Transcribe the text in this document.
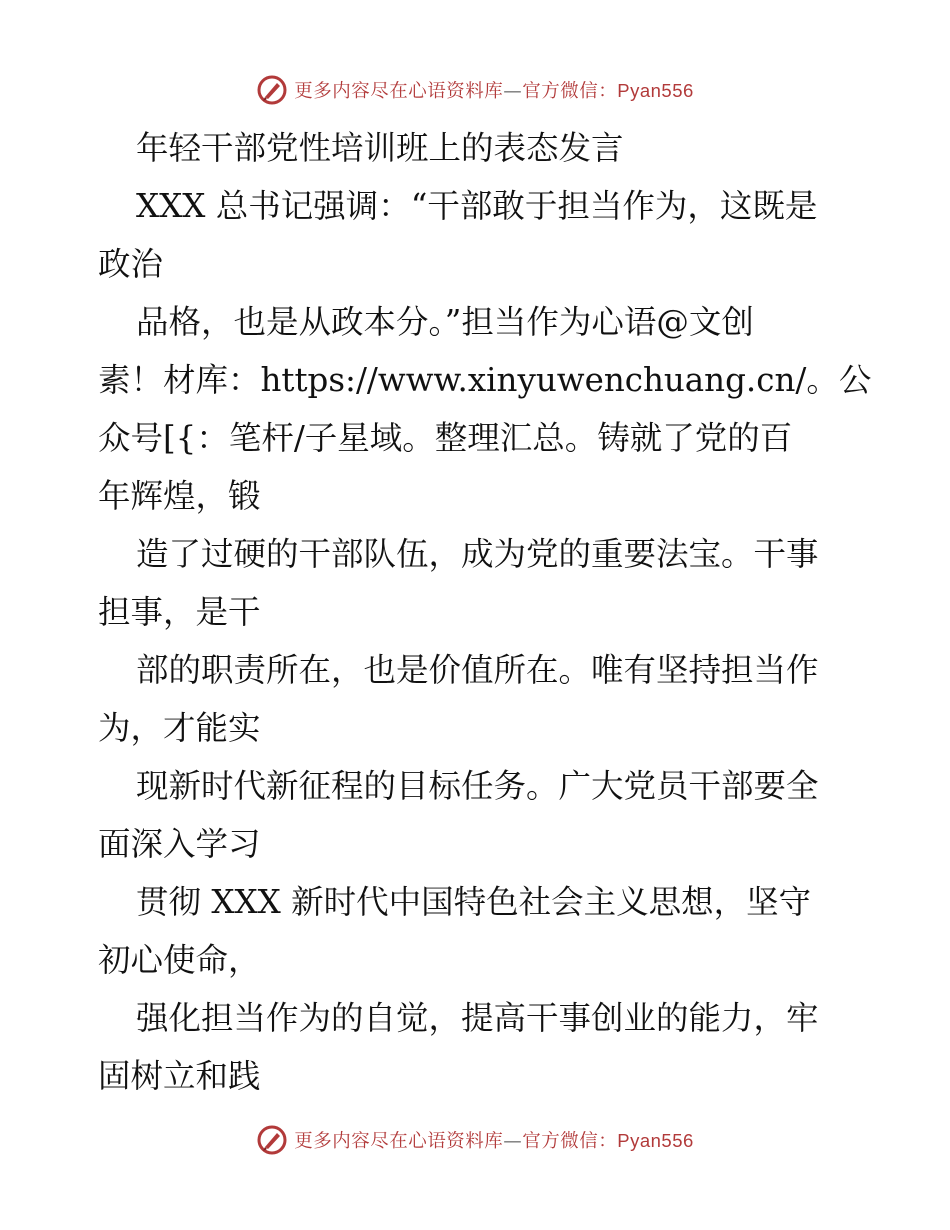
更多内容尽在心语资料库—官方微信：Pyan556
年轻干部党性培训班上的表态发言
XXX 总书记强调：“干部敢于担当作为，这既是
政治
品格，也是从政本分。”担当作为心语@文创
素！材库：https://www.xinyuwenchuang.cn/。公
众号[{：笔杆/子星域。整理汇总。铸就了党的百
年辉煌，锻
造了过硬的干部队伍，成为党的重要法宝。干事
担事，是干
部的职责所在，也是价值所在。唯有坚持担当作
为，才能实
现新时代新征程的目标任务。广大党员干部要全
面深入学习
贯彻 XXX 新时代中国特色社会主义思想，坚守
初心使命，
强化担当作为的自觉，提高干事创业的能力，牢
固树立和践
更多内容尽在心语资料库—官方微信：Pyan556
